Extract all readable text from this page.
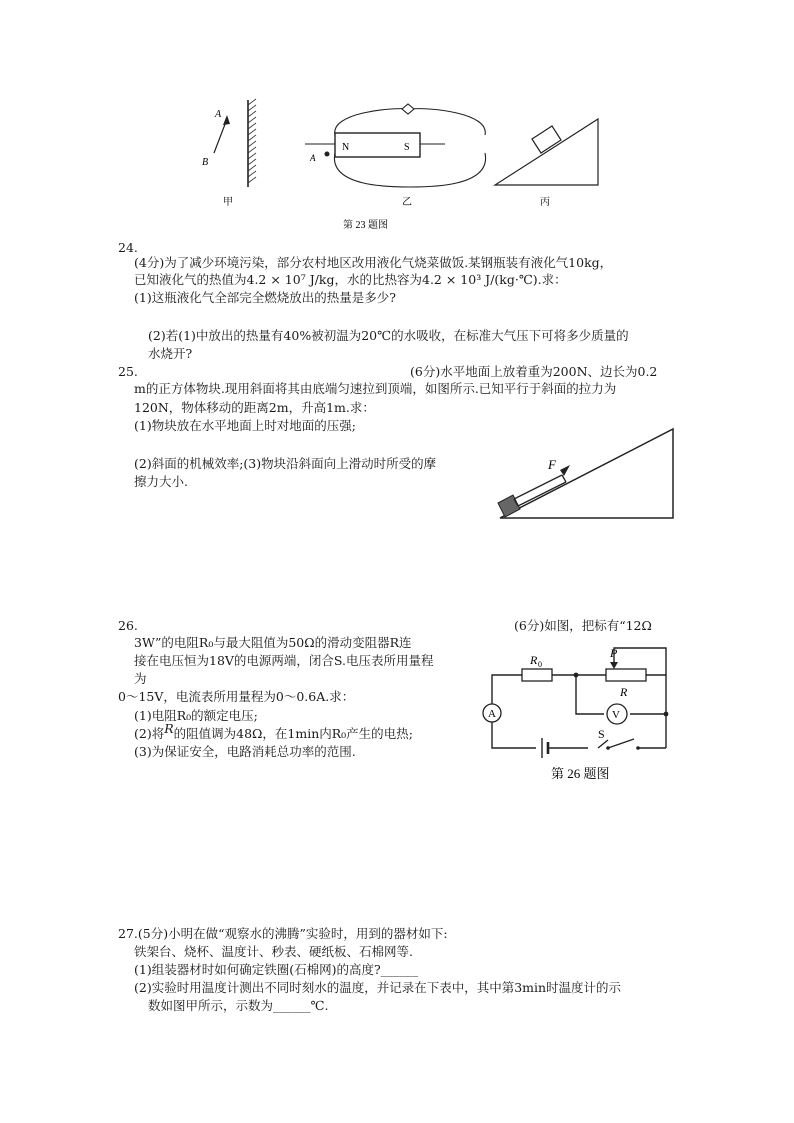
A
B
N	S
A
甲	乙	丙
第 23 题图
24.
(4分)为了减少环境污染，部分农村地区改用液化气烧菜做饭.某钢瓶装有液化气10kg，
已知液化气的热值为4.2 × 10⁷ J/kg，水的比热容为4.2 × 10³ J/(kg·℃).求：
(1)这瓶液化气全部完全燃烧放出的热量是多少?
(2)若(1)中放出的热量有40%被初温为20℃的水吸收，在标准大气压下可将多少质量的
水烧开?
25.	(6分)水平地面上放着重为200N、边长为0.2
m的正方体物块.现用斜面将其由底端匀速拉到顶端，如图所示.已知平行于斜面的拉力为
120N，物体移动的距离2m，升高1m.求：
(1)物块放在水平地面上时对地面的压强;
(2)斜面的机械效率;(3)物块沿斜面向上滑动时所受的摩
擦力大小.
F
26.	(6分)如图，把标有“12Ω
3W”的电阻R₀与最大阻值为50Ω的滑动变阻器R连
接在电压恒为18V的电源两端，闭合S.电压表所用量程
为
0～15V，电流表所用量程为0～0.6A.求：
(1)电阻R₀的额定电压;
(2)将R的阻值调为48Ω，在1min内R₀产生的电热;
(3)为保证安全，电路消耗总功率的范围.
R 0
P
R
A	V
S
第 26 题图
27.(5分)小明在做“观察水的沸腾”实验时，用到的器材如下:
铁架台、烧杯、温度计、秒表、硬纸板、石棉网等.
(1)组装器材时如何确定铁圈(石棉网)的高度?______
(2)实验时用温度计测出不同时刻水的温度，并记录在下表中，其中第3min时温度计的示
数如图甲所示，示数为______℃.
